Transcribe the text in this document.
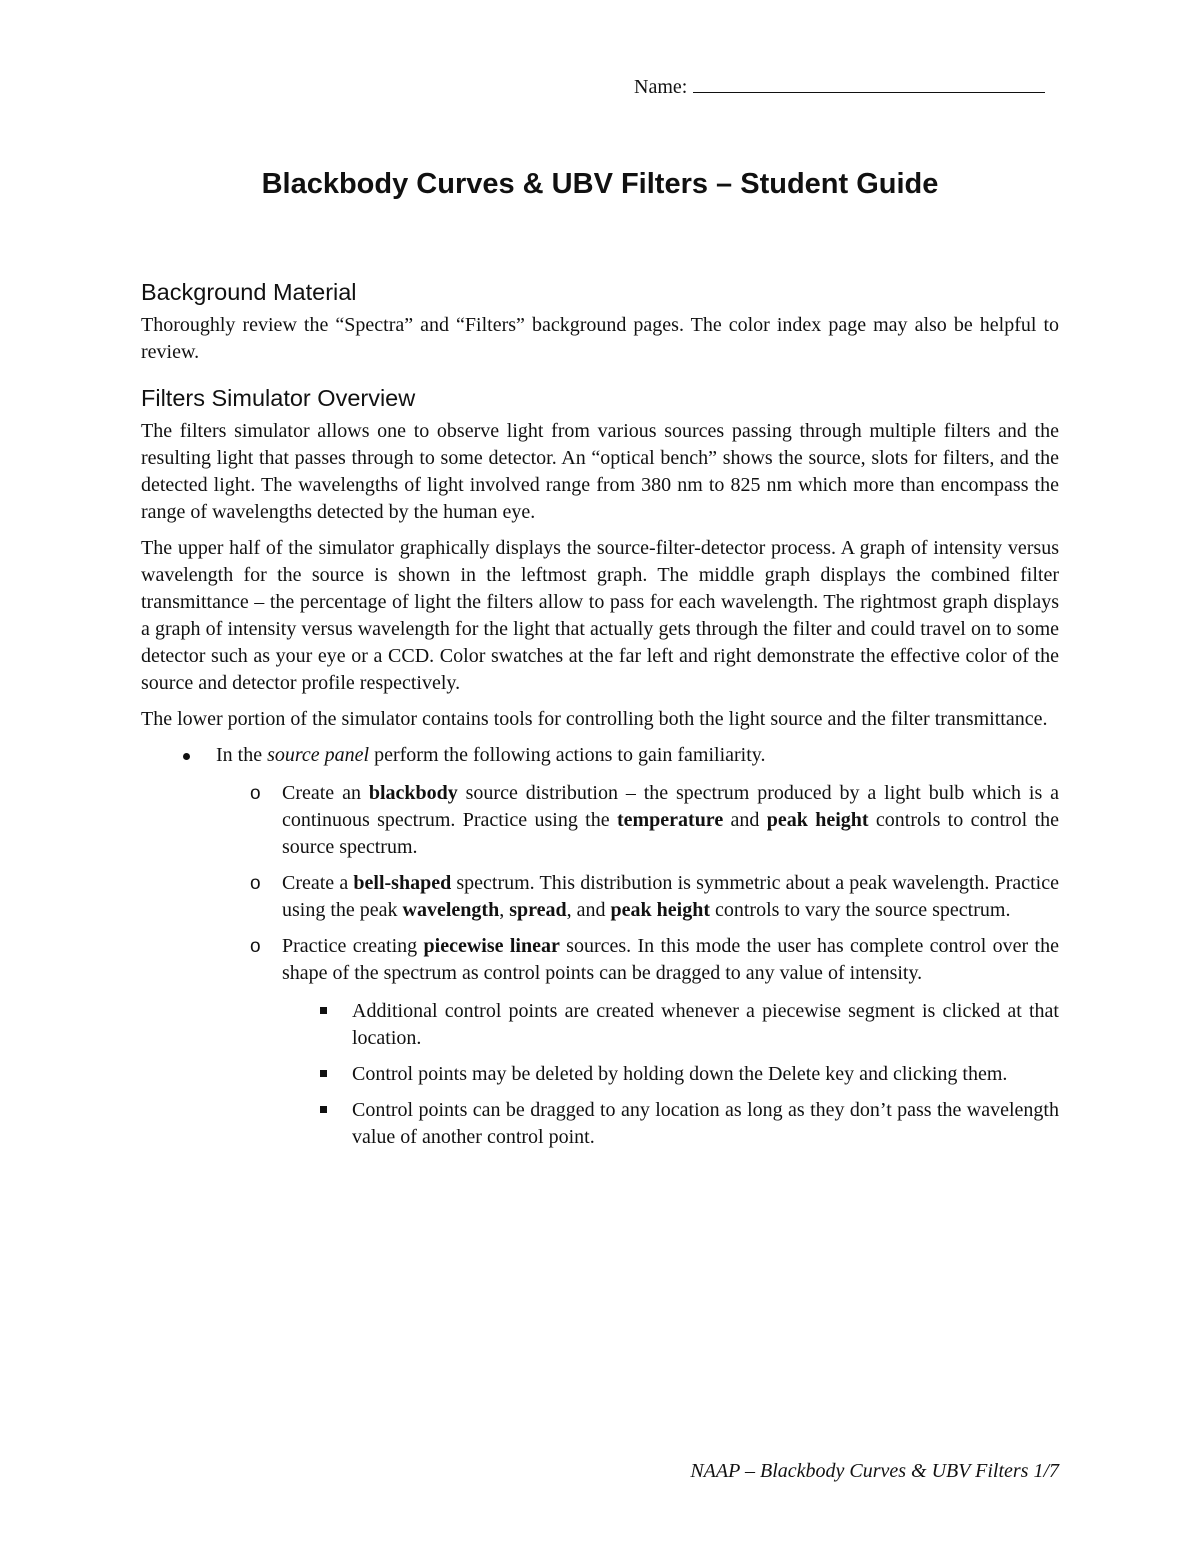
Name:
Blackbody Curves & UBV Filters – Student Guide
Background Material

Thoroughly review the “Spectra” and “Filters” background pages. The color index page may also be helpful to review.

Filters Simulator Overview

The filters simulator allows one to observe light from various sources passing through multiple filters and the resulting light that passes through to some detector. An “optical bench” shows the source, slots for filters, and the detected light. The wavelengths of light involved range from 380 nm to 825 nm which more than encompass the range of wavelengths detected by the human eye.

The upper half of the simulator graphically displays the source-filter-detector process. A graph of intensity versus wavelength for the source is shown in the leftmost graph. The middle graph displays the combined filter transmittance – the percentage of light the filters allow to pass for each wavelength. The rightmost graph displays a graph of intensity versus wavelength for the light that actually gets through the filter and could travel on to some detector such as your eye or a CCD. Color swatches at the far left and right demonstrate the effective color of the source and detector profile respectively.

The lower portion of the simulator contains tools for controlling both the light source and the filter transmittance.

In the source panel perform the following actions to gain familiarity.
o Create an blackbody source distribution – the spectrum produced by a light bulb which is a continuous spectrum. Practice using the temperature and peak height controls to control the source spectrum.
o Create a bell-shaped spectrum. This distribution is symmetric about a peak wavelength. Practice using the peak wavelength, spread, and peak height controls to vary the source spectrum.
o Practice creating piecewise linear sources. In this mode the user has complete control over the shape of the spectrum as control points can be dragged to any value of intensity.
Additional control points are created whenever a piecewise segment is clicked at that location.
Control points may be deleted by holding down the Delete key and clicking them.
Control points can be dragged to any location as long as they don’t pass the wavelength value of another control point.
NAAP – Blackbody Curves & UBV Filters 1/7
